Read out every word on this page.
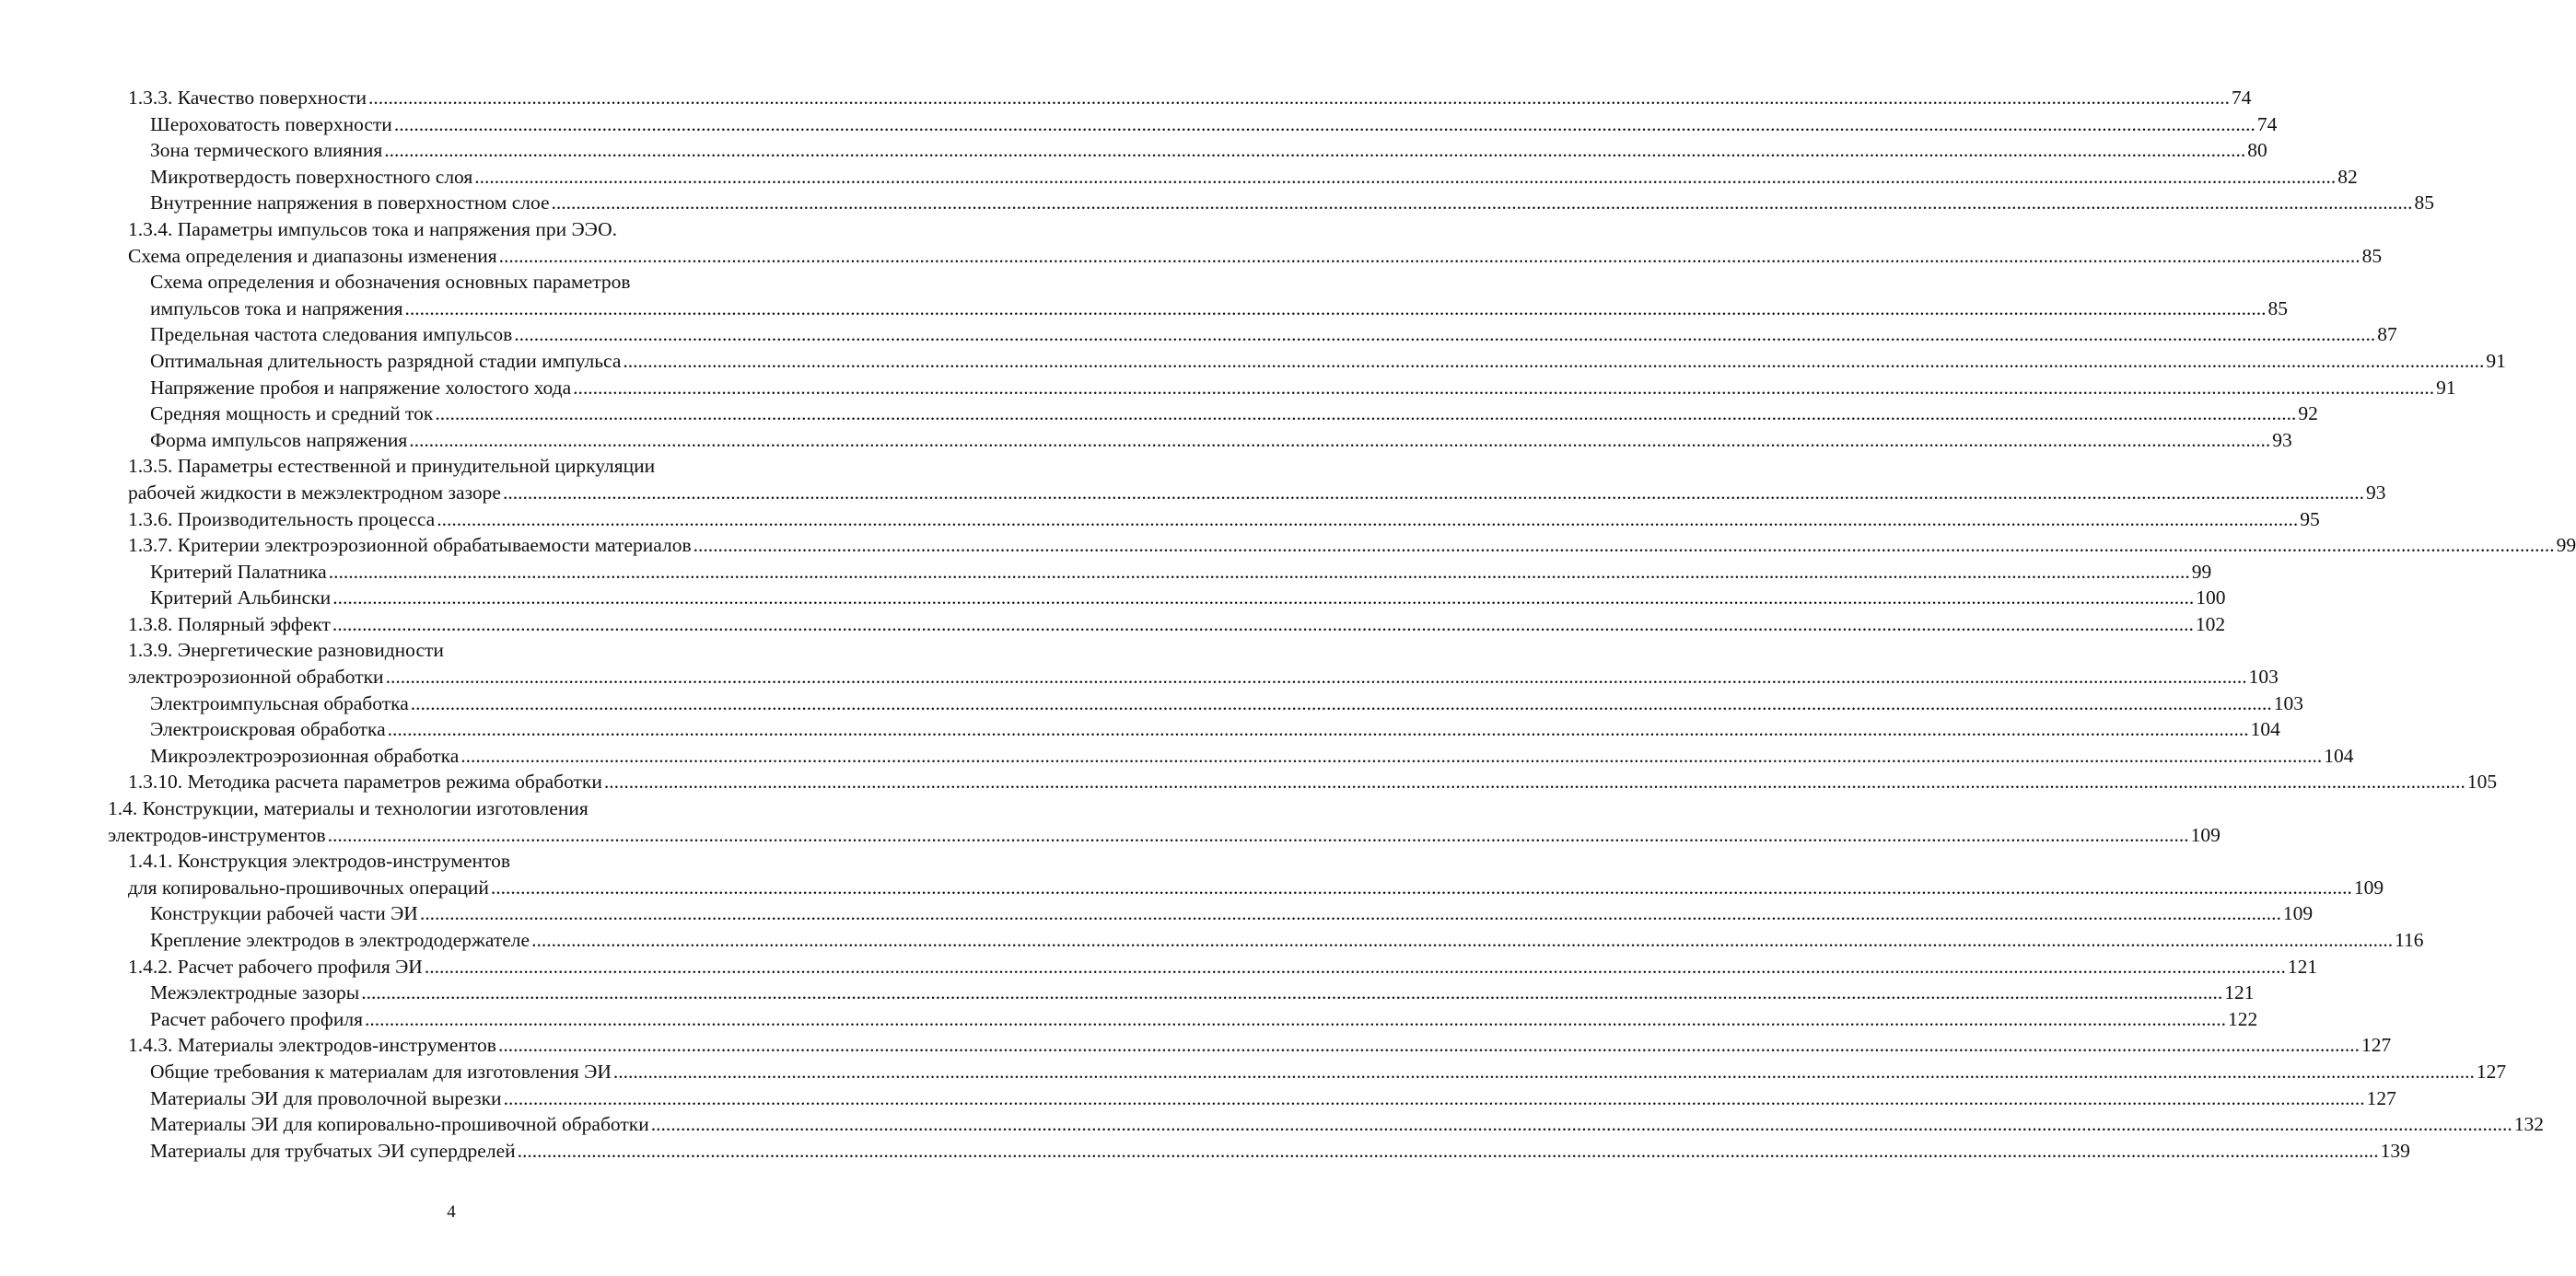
1.3.3. Качество поверхности .....	74
Шероховатость поверхности .....	74
Зона термического влияния .....	80
Микротвердость поверхностного слоя .....	82
Внутренние напряжения в поверхностном слое .....	85
1.3.4. Параметры импульсов тока и напряжения при ЭЭО.
Схема определения и диапазоны изменения .....	85
Схема определения и обозначения основных параметров
импульсов тока и напряжения .....	85
Предельная частота следования импульсов .....	87
Оптимальная длительность разрядной стадии импульса .....	91
Напряжение пробоя и напряжение холостого хода .....	91
Средняя мощность и средний ток .....	92
Форма импульсов напряжения .....	93
1.3.5. Параметры естественной и принудительной циркуляции
рабочей жидкости в межэлектродном зазоре .....	93
1.3.6. Производительность процесса .....	95
1.3.7. Критерии электроэрозионной обрабатываемости материалов .....	99
Критерий Палатника .....	99
Критерий Альбински .....	100
1.3.8. Полярный эффект .....	102
1.3.9. Энергетические разновидности
электроэрозионной обработки .....	103
Электроимпульсная обработка .....	103
Электроискровая обработка .....	104
Микроэлектроэрозионная обработка .....	104
1.3.10. Методика расчета параметров режима обработки .....	105
1.4. Конструкции, материалы и технологии изготовления
электродов-инструментов .....	109
1.4.1. Конструкция электродов-инструментов
для копировально-прошивочных операций .....	109
Конструкции рабочей части ЭИ .....	109
Крепление электродов в электрододержателе .....	116
1.4.2. Расчет рабочего профиля ЭИ .....	121
Межэлектродные зазоры .....	121
Расчет рабочего профиля .....	122
1.4.3. Материалы электродов-инструментов .....	127
Общие требования к материалам для изготовления ЭИ .....	127
Материалы ЭИ для проволочной вырезки .....	127
Материалы ЭИ для копировально-прошивочной обработки .....	132
Материалы для трубчатых ЭИ супердрелей .....	139
4
